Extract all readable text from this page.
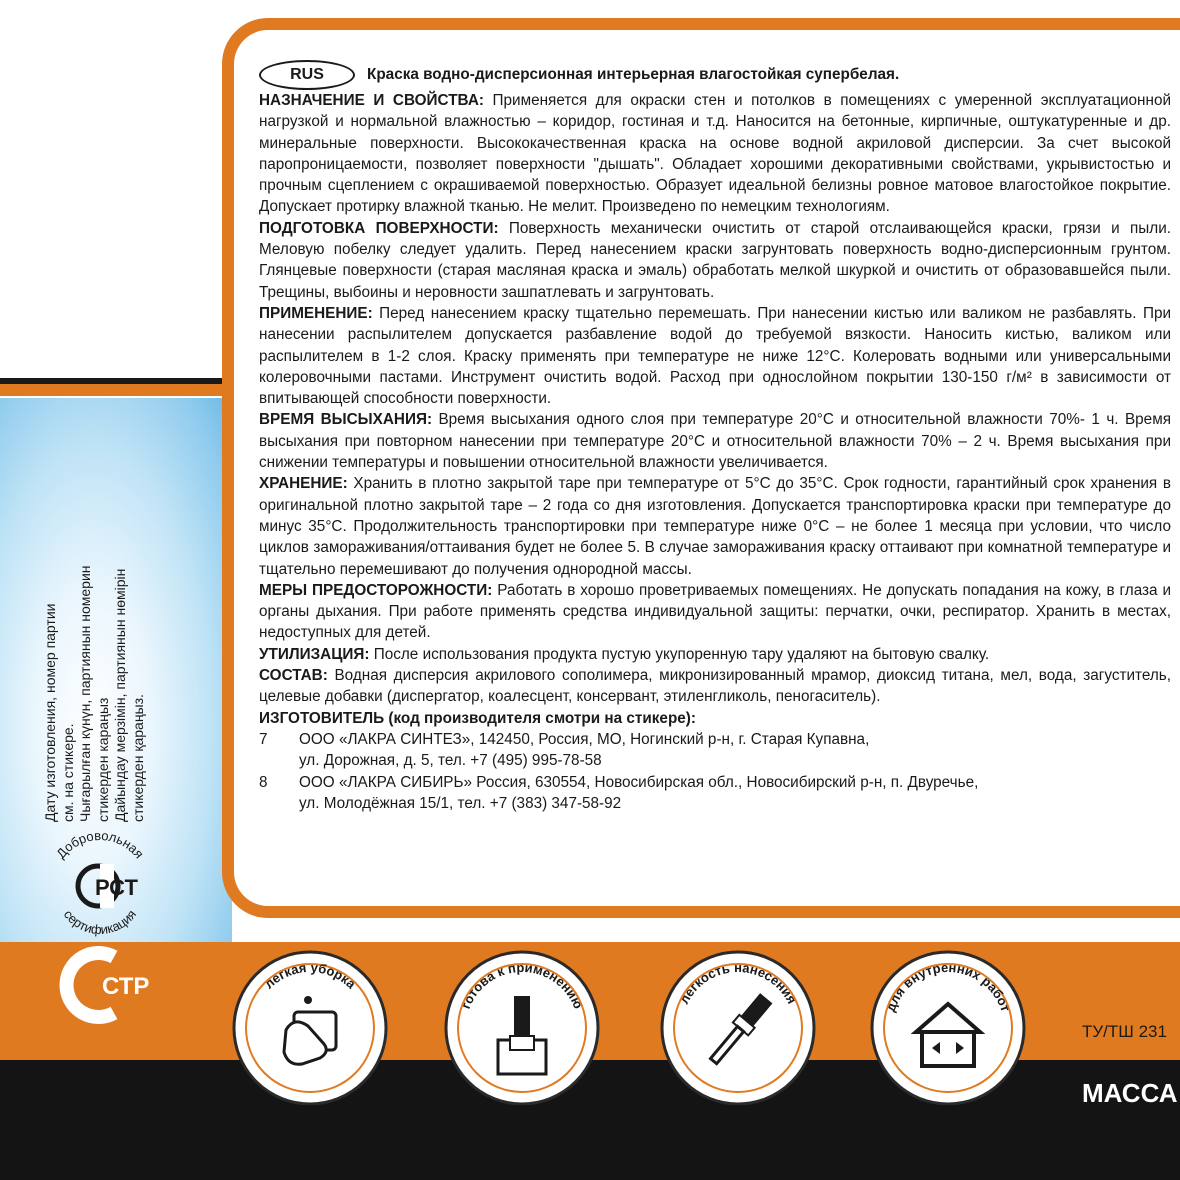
Дату изготовления, номер партии см. на стикере. Чығарылған күнүн, партиянын номерин стикерден караңыз Дайындау мерзімін, партиянын нөмірін стикерден қараңыз.

Добровольная
сертификация
РСТ
RUS	Краска водно-дисперсионная интерьерная влагостойкая супербелая.

НАЗНАЧЕНИЕ И СВОЙСТВА: Применяется для окраски стен и потолков в помещениях с умеренной эксплуатационной нагрузкой и нормальной влажностью – коридор, гостиная и т.д. Наносится на бетонные, кирпичные, оштукатуренные и др. минеральные поверхности. Высококачественная краска на основе водной акриловой дисперсии. За счет высокой паропроницаемости, позволяет поверхности "дышать". Обладает хорошими декоративными свойствами, укрывистостью и прочным сцеплением с окрашиваемой поверхностью. Образует идеальной белизны ровное матовое влагостойкое покрытие. Допускает протирку влажной тканью. Не мелит. Произведено по немецким технологиям.

ПОДГОТОВКА ПОВЕРХНОСТИ: Поверхность механически очистить от старой отслаивающейся краски, грязи и пыли. Меловую побелку следует удалить. Перед нанесением краски загрунтовать поверхность водно-дисперсионным грунтом. Глянцевые поверхности (старая масляная краска и эмаль) обработать мелкой шкуркой и очистить от образовавшейся пыли. Трещины, выбоины и неровности зашпатлевать и загрунтовать.

ПРИМЕНЕНИЕ: Перед нанесением краску тщательно перемешать. При нанесении кистью или валиком не разбавлять. При нанесении распылителем допускается разбавление водой до требуемой вязкости. Наносить кистью, валиком или распылителем в 1-2 слоя. Краску применять при температуре не ниже 12°С. Колеровать водными или универсальными колеровочными пастами. Инструмент очистить водой. Расход при однослойном покрытии 130-150 г/м² в зависимости от впитывающей способности поверхности.

ВРЕМЯ ВЫСЫХАНИЯ: Время высыхания одного слоя при температуре 20°С и относительной влажности 70%- 1 ч. Время высыхания при повторном нанесении при температуре 20°С и относительной влажности 70% – 2 ч. Время высыхания при снижении температуры и повышении относительной влажности увеличивается.

ХРАНЕНИЕ: Хранить в плотно закрытой таре при температуре от 5°С до 35°С. Срок годности, гарантийный срок хранения в оригинальной плотно закрытой таре – 2 года со дня изготовления. Допускается транспортировка краски при температуре до минус 35°С. Продолжительность транспортировки при температуре ниже 0°С – не более 1 месяца при условии, что число циклов замораживания/оттаивания будет не более 5. В случае замораживания краску оттаивают при комнатной температуре и тщательно перемешивают до получения однородной массы.

МЕРЫ ПРЕДОСТОРОЖНОСТИ: Работать в хорошо проветриваемых помещениях. Не допускать попадания на кожу, в глаза и органы дыхания. При работе применять средства индивидуальной защиты: перчатки, очки, респиратор. Хранить в местах, недоступных для детей.

УТИЛИЗАЦИЯ: После использования продукта пустую укупоренную тару удаляют на бытовую свалку.

СОСТАВ: Водная дисперсия акрилового сополимера, микронизированный мрамор, диоксид титана, мел, вода, загуститель, целевые добавки (диспергатор, коалесцент, консервант, этиленгликоль, пеногаситель).

ИЗГОТОВИТЕЛЬ (код производителя смотри на стикере):

7	ООО «ЛАКРА СИНТЕЗ», 142450, Россия, МО, Ногинский р-н, г. Старая Купавна,
ул. Дорожная, д. 5, тел. +7 (495) 995-78-58
8	ООО «ЛАКРА СИБИРЬ» Россия, 630554, Новосибирская обл., Новосибирский р-н, п. Двуречье,
ул. Молодёжная 15/1, тел. +7 (383) 347-58-92
СТР	легкая уборка
готова к применению	легкость нанесения
для внутренних работ
ТУ/ТШ 231
МАССА
